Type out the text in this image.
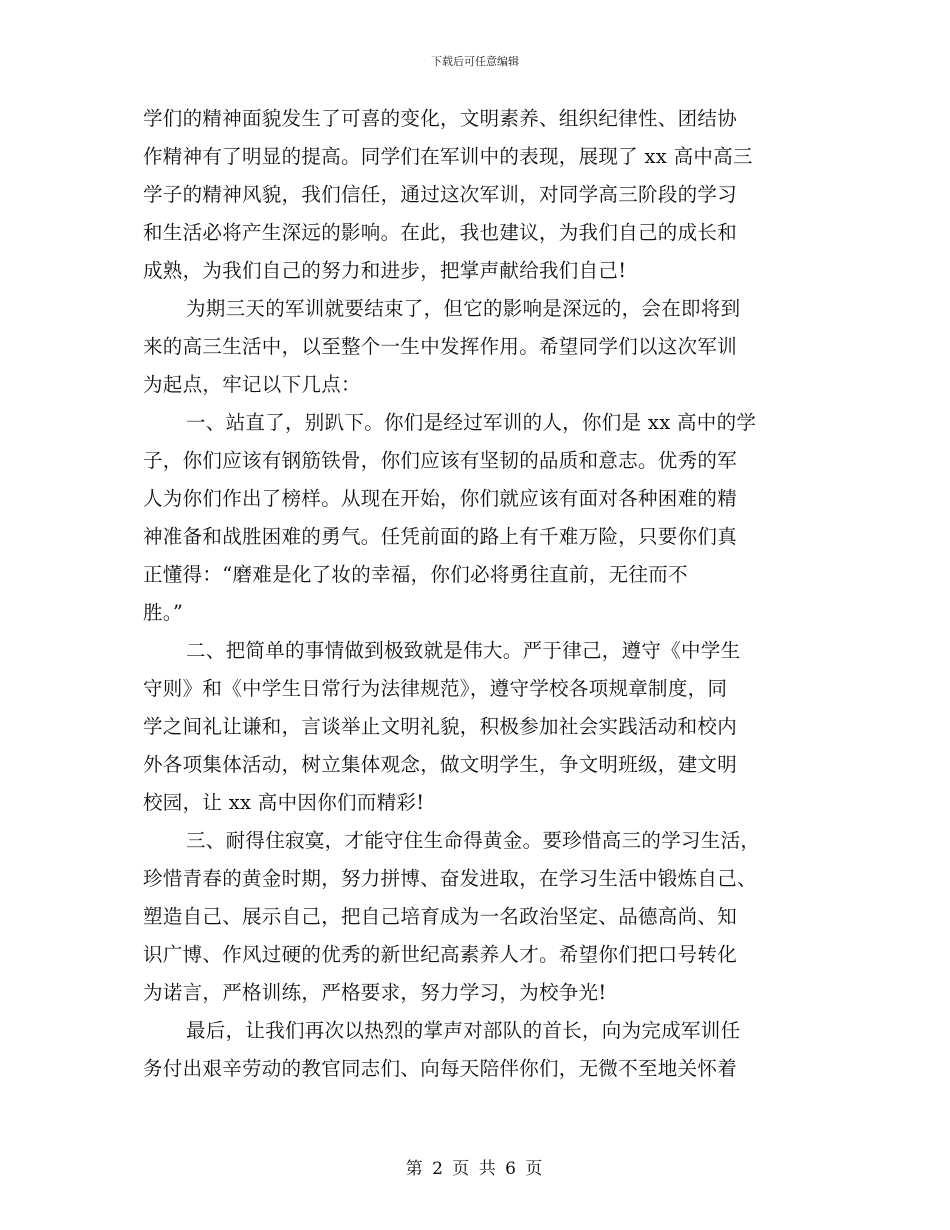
下载后可任意编辑
学们的精神面貌发生了可喜的变化，文明素养、组织纪律性、团结协
作精神有了明显的提高。同学们在军训中的表现，展现了 xx 高中高三
学子的精神风貌，我们信任，通过这次军训，对同学高三阶段的学习
和生活必将产生深远的影响。在此，我也建议，为我们自己的成长和
成熟，为我们自己的努力和进步，把掌声献给我们自己!
为期三天的军训就要结束了，但它的影响是深远的，会在即将到
来的高三生活中，以至整个一生中发挥作用。希望同学们以这次军训
为起点，牢记以下几点：
一、站直了，别趴下。你们是经过军训的人，你们是 xx 高中的学
子，你们应该有钢筋铁骨，你们应该有坚韧的品质和意志。优秀的军
人为你们作出了榜样。从现在开始，你们就应该有面对各种困难的精
神准备和战胜困难的勇气。任凭前面的路上有千难万险，只要你们真
正懂得：“磨难是化了妆的幸福，你们必将勇往直前，无往而不
胜。”
二、把简单的事情做到极致就是伟大。严于律己，遵守《中学生
守则》和《中学生日常行为法律规范》，遵守学校各项规章制度，同
学之间礼让谦和，言谈举止文明礼貌，积极参加社会实践活动和校内
外各项集体活动，树立集体观念，做文明学生，争文明班级，建文明
校园，让 xx 高中因你们而精彩!
三、耐得住寂寞，才能守住生命得黄金。要珍惜高三的学习生活，
珍惜青春的黄金时期，努力拼博、奋发进取，在学习生活中锻炼自己、
塑造自己、展示自己，把自己培育成为一名政治坚定、品德高尚、知
识广博、作风过硬的优秀的新世纪高素养人才。希望你们把口号转化
为诺言，严格训练，严格要求，努力学习，为校争光!
最后，让我们再次以热烈的掌声对部队的首长，向为完成军训任
务付出艰辛劳动的教官同志们、向每天陪伴你们，无微不至地关怀着
第 2 页 共 6 页
